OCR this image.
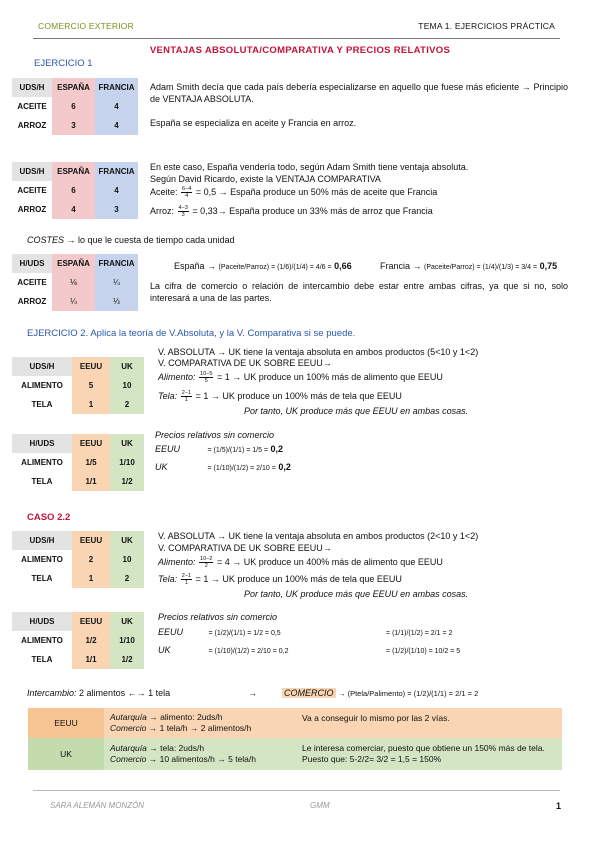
COMERCIO EXTERIOR	TEMA 1. EJERCICIOS PRÁCTICA
VENTAJAS ABSOLUTA/COMPARATIVA Y PRECIOS RELATIVOS
EJERCICIO 1
UDS/H	ESPAÑA	FRANCIA
ACEITE	6	4
ARROZ	3	4
Adam Smith decía que cada país debería especializarse en aquello que fuese más eficiente → Principio de VENTAJA ABSOLUTA.
España se especializa en aceite y Francia en arroz.
UDS/H	ESPAÑA	FRANCIA
ACEITE	6	4
ARROZ	4	3
En este caso, España vendería todo, según Adam Smith tiene ventaja absoluta.
Según David Ricardo, existe la VENTAJA COMPARATIVA
Aceite: $\frac{6-4}{4} = 0,5$ → España produce un 50% más de aceite que Francia
Arroz: $\frac{4-3}{3} = 0,33\to$ España produce un 33% más de arroz que Francia
COSTES → lo que le cuesta de tiempo cada unidad
H/UDS	ESPAÑA	FRANCIA
ACEITE	⅙	¼
ARROZ	¼	⅓
España → (Paceite/Parroz) = (1/6)/(1/4) = 4/6 = 0,66	Francia → (Paceite/Parroz) = (1/4)/(1/3) = 3/4 = 0,75
La cifra de comercio o relación de intercambio debe estar entre ambas cifras, ya que si no, solo interesará a una de las partes.
EJERCICIO 2. Aplica la teoría de V.Absoluta, y la V. Comparativa si se puede.
UDS/H	EEUU	UK
ALIMENTO	5	10
TELA	1	2
V. ABSOLUTA → UK tiene la ventaja absoluta en ambos productos (5<10 y 1<2)
V. COMPARATIVA DE UK SOBRE EEUU→
Alimento: $\frac{10-5}{5} = 1$ → UK produce un 100% más de alimento que EEUU
Tela: $\frac{2-1}{1} = 1$ → UK produce un 100% más de tela que EEUU
Por tanto, UK produce más que EEUU en ambas cosas.
H/UDS	EEUU	UK
ALIMENTO	1/5	1/10
TELA	1/1	1/2
Precios relativos sin comercio
EEUU	= (1/5)/(1/1) = 1/5 = 0,2
UK	= (1/10)/(1/2) = 2/10 = 0,2
CASO 2.2
UDS/H	EEUU	UK
ALIMENTO	2	10
TELA	1	2
V. ABSOLUTA → UK tiene la ventaja absoluta en ambos productos (2<10 y 1<2)
V. COMPARATIVA DE UK SOBRE EEUU→
Alimento: $\frac{10-2}{2} = 4$ → UK produce un 400% más de alimento que EEUU
Tela: $\frac{2-1}{1} = 1$ → UK produce un 100% más de tela que EEUU
Por tanto, UK produce más que EEUU en ambas cosas.
H/UDS	EEUU	UK
ALIMENTO	1/2	1/10
TELA	1/1	1/2
Precios relativos sin comercio
EEUU	= (1/2)/(1/1) = 1/2 = 0,5	= (1/1)/(1/2) = 2/1 = 2
UK	= (1/10)/(1/2) = 2/10 = 0,2	= (1/2)/(1/10) = 10/2 = 5
Intercambio: 2 alimentos ←→ 1 tela	→	COMERCIO → (Ptela/Palimento) = (1/2)/(1/1) = 2/1 = 2
EEUU	Autarquía → alimento: 2uds/h
Comercio → 1 tela/h → 2 alimentos/h	Va a conseguir lo mismo por las 2 vías.
UK	Autarquía → tela: 2uds/h
Comercio → 10 alimentos/h → 5 tela/h	Le interesa comerciar, puesto que obtiene un 150% más de tela. Puesto que: 5-2/2= 3/2 = 1,5 = 150%
SARA ALEMÁN MONZÓN	GMM	1
